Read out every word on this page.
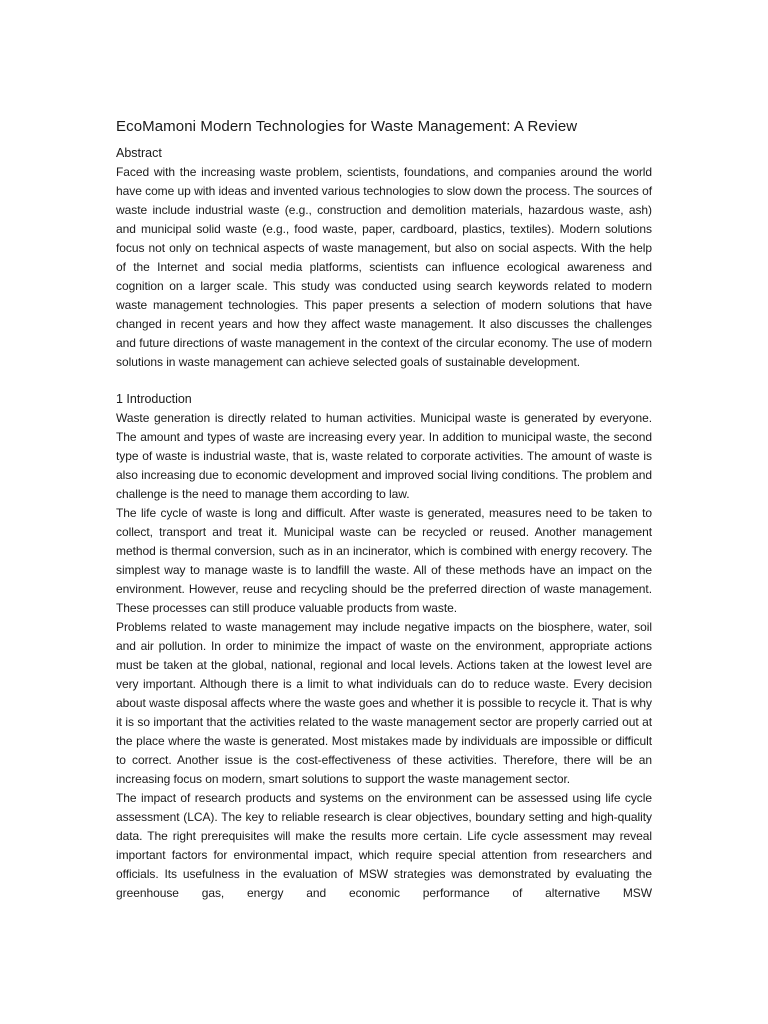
EcoMamoni Modern Technologies for Waste Management: A Review
Abstract

Faced with the increasing waste problem, scientists, foundations, and companies around the world have come up with ideas and invented various technologies to slow down the process. The sources of waste include industrial waste (e.g., construction and demolition materials, hazardous waste, ash) and municipal solid waste (e.g., food waste, paper, cardboard, plastics, textiles). Modern solutions focus not only on technical aspects of waste management, but also on social aspects. With the help of the Internet and social media platforms, scientists can influence ecological awareness and cognition on a larger scale. This study was conducted using search keywords related to modern waste management technologies. This paper presents a selection of modern solutions that have changed in recent years and how they affect waste management. It also discusses the challenges and future directions of waste management in the context of the circular economy. The use of modern solutions in waste management can achieve selected goals of sustainable development.

1 Introduction

Waste generation is directly related to human activities. Municipal waste is generated by everyone. The amount and types of waste are increasing every year. In addition to municipal waste, the second type of waste is industrial waste, that is, waste related to corporate activities. The amount of waste is also increasing due to economic development and improved social living conditions. The problem and challenge is the need to manage them according to law.

The life cycle of waste is long and difficult. After waste is generated, measures need to be taken to collect, transport and treat it. Municipal waste can be recycled or reused. Another management method is thermal conversion, such as in an incinerator, which is combined with energy recovery. The simplest way to manage waste is to landfill the waste. All of these methods have an impact on the environment. However, reuse and recycling should be the preferred direction of waste management. These processes can still produce valuable products from waste.

Problems related to waste management may include negative impacts on the biosphere, water, soil and air pollution. In order to minimize the impact of waste on the environment, appropriate actions must be taken at the global, national, regional and local levels. Actions taken at the lowest level are very important. Although there is a limit to what individuals can do to reduce waste. Every decision about waste disposal affects where the waste goes and whether it is possible to recycle it. That is why it is so important that the activities related to the waste management sector are properly carried out at the place where the waste is generated. Most mistakes made by individuals are impossible or difficult to correct. Another issue is the cost-effectiveness of these activities. Therefore, there will be an increasing focus on modern, smart solutions to support the waste management sector.

The impact of research products and systems on the environment can be assessed using life cycle assessment (LCA). The key to reliable research is clear objectives, boundary setting and high-quality data. The right prerequisites will make the results more certain. Life cycle assessment may reveal important factors for environmental impact, which require special attention from researchers and officials. Its usefulness in the evaluation of MSW strategies was demonstrated by evaluating the greenhouse gas, energy and economic performance of alternative MSW
